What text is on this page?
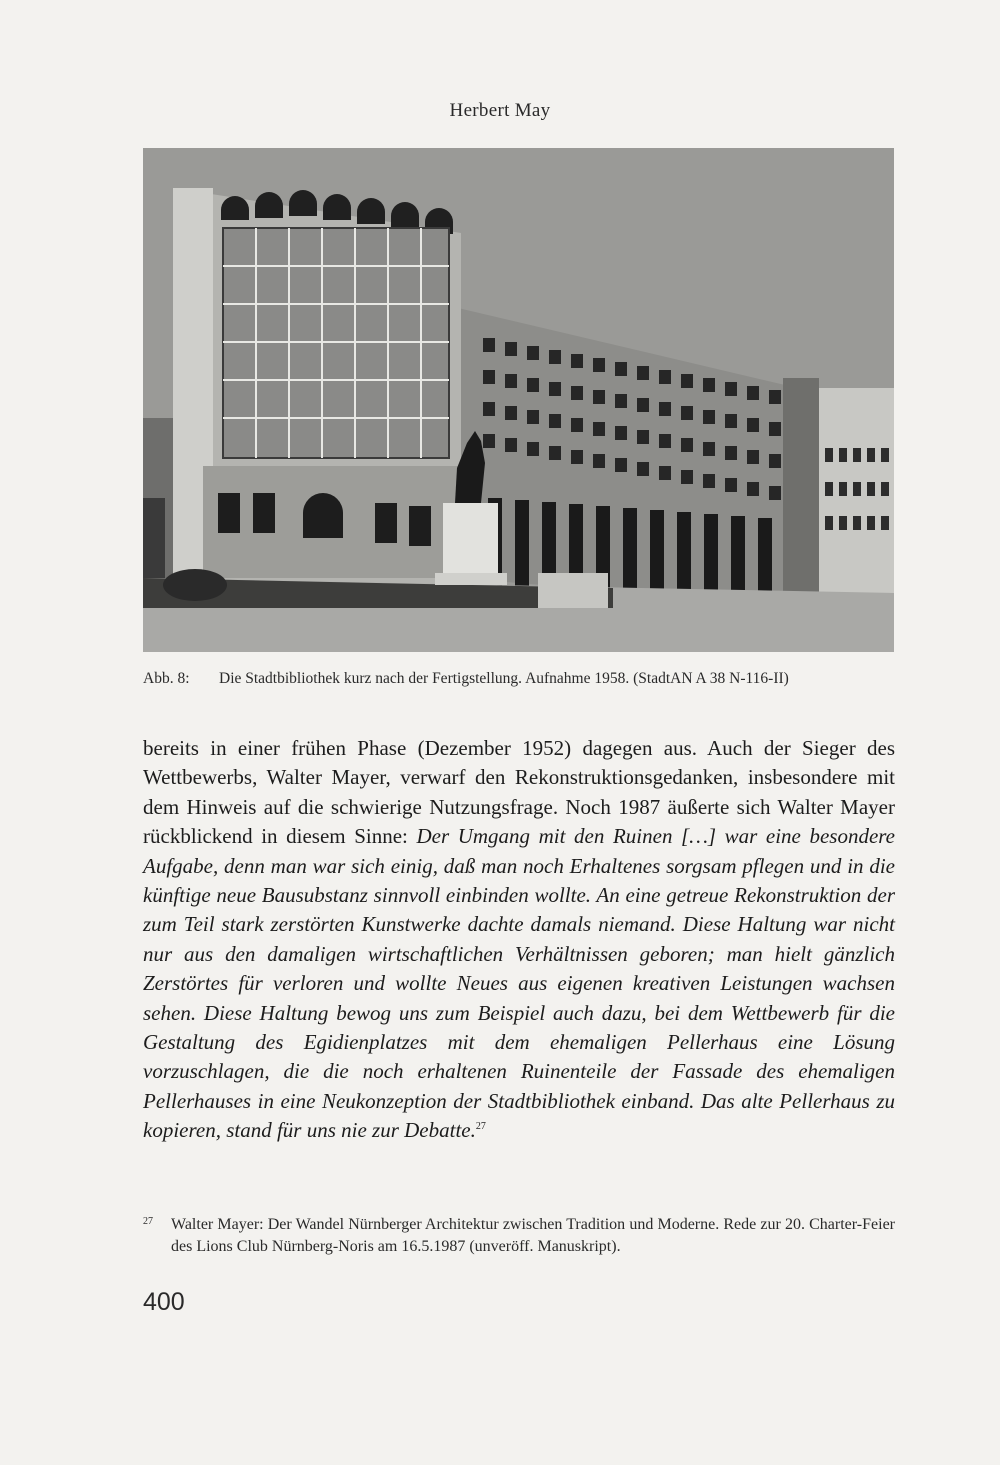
Herbert May
Abb. 8:	Die Stadtbibliothek kurz nach der Fertigstellung. Aufnahme 1958. (StadtAN A 38 N-116-II)
bereits in einer frühen Phase (Dezember 1952) dagegen aus. Auch der Sieger des Wettbewerbs, Walter Mayer, verwarf den Rekonstruktionsgedanken, insbesondere mit dem Hinweis auf die schwierige Nutzungsfrage. Noch 1987 äußerte sich Walter Mayer rückblickend in diesem Sinne: Der Umgang mit den Ruinen […] war eine besondere Aufgabe, denn man war sich einig, daß man noch Erhaltenes sorgsam pflegen und in die künftige neue Bausubstanz sinnvoll einbinden wollte. An eine getreue Rekonstruktion der zum Teil stark zerstörten Kunstwerke dachte damals niemand. Diese Haltung war nicht nur aus den damaligen wirtschaftlichen Verhältnissen geboren; man hielt gänzlich Zerstörtes für verloren und wollte Neues aus eigenen kreativen Leistungen wachsen sehen. Diese Haltung bewog uns zum Beispiel auch dazu, bei dem Wettbewerb für die Gestaltung des Egidienplatzes mit dem ehemaligen Pellerhaus eine Lösung vorzuschlagen, die die noch erhaltenen Ruinenteile der Fassade des ehemaligen Pellerhauses in eine Neukonzeption der Stadtbibliothek einband. Das alte Pellerhaus zu kopieren, stand für uns nie zur Debatte.$^{27}$
27	Walter Mayer: Der Wandel Nürnberger Architektur zwischen Tradition und Moderne. Rede zur 20. Charter-Feier des Lions Club Nürnberg-Noris am 16.5.1987 (unveröff. Manuskript).
400
